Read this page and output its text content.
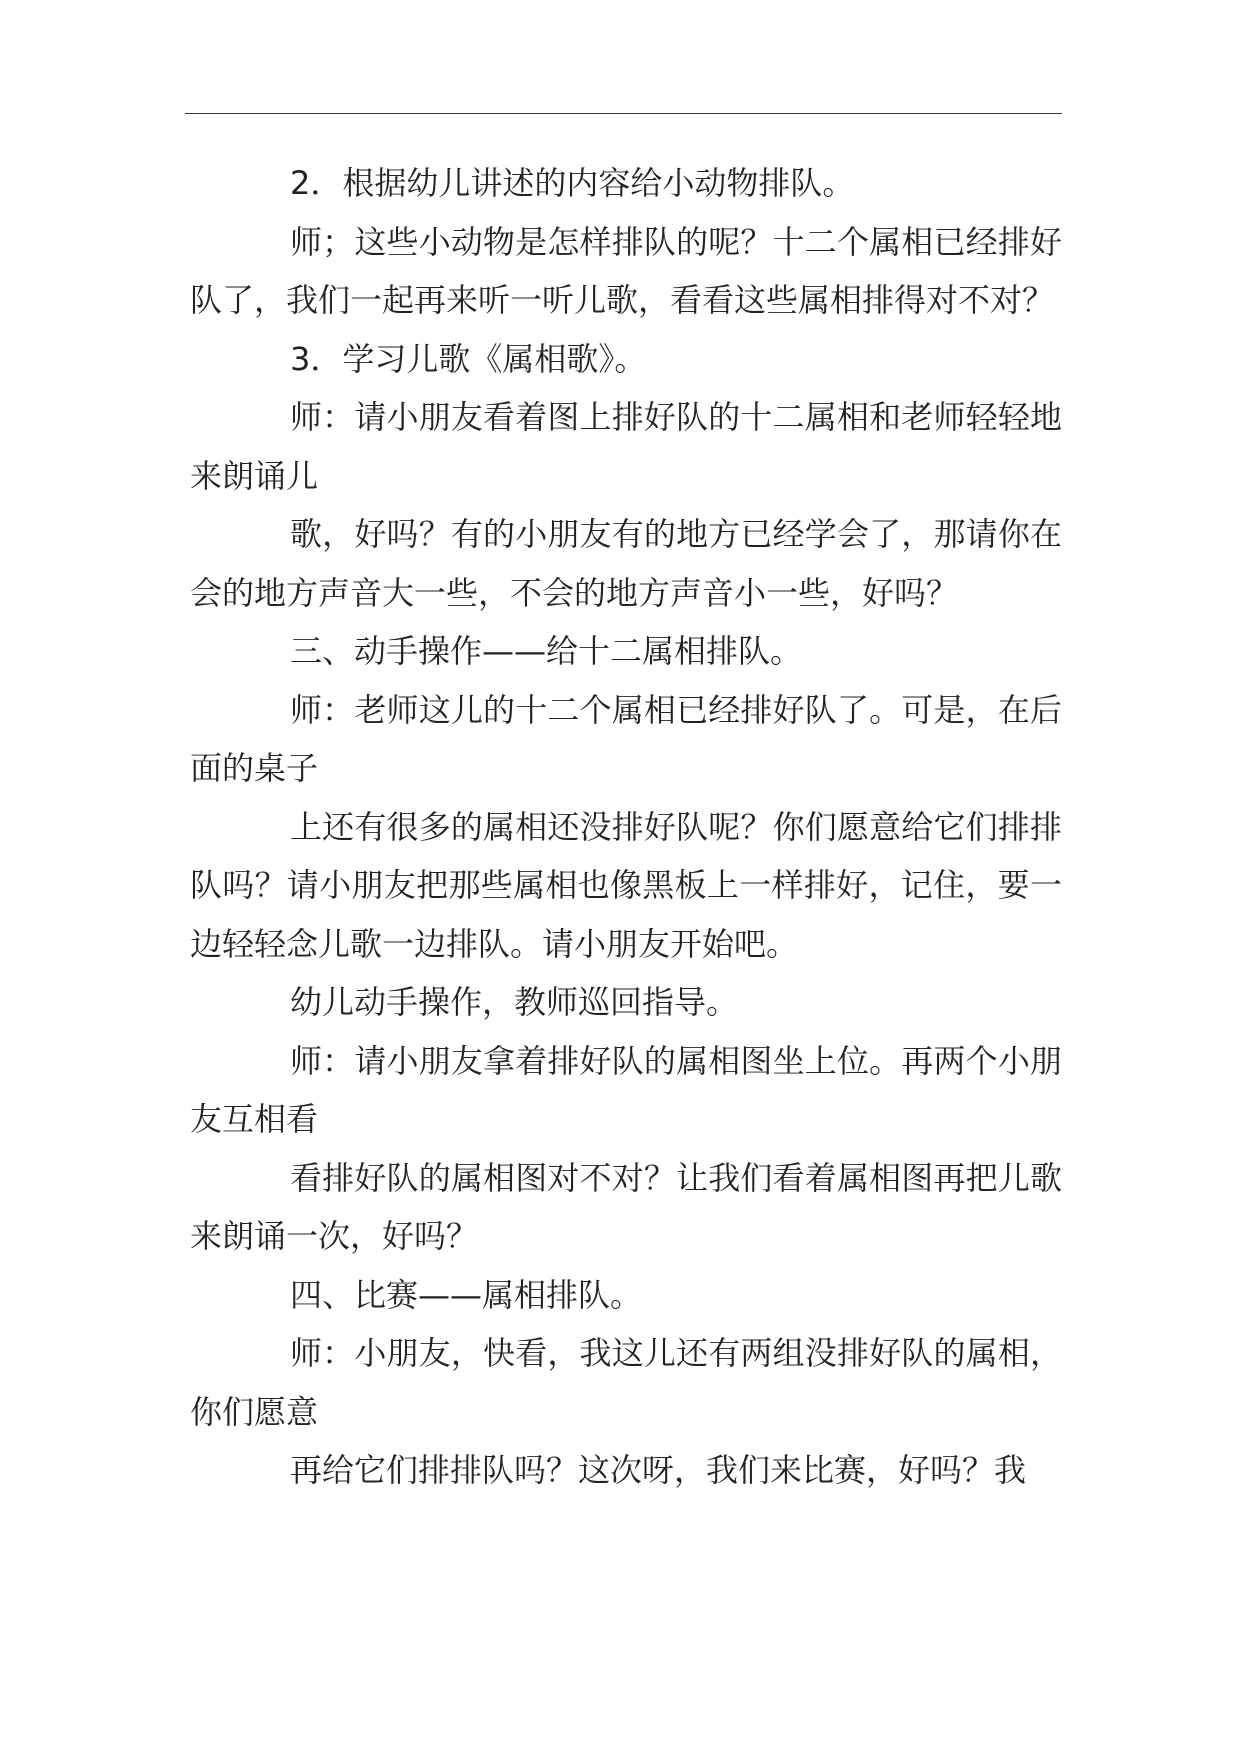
2．根据幼儿讲述的内容给小动物排队。

师；这些小动物是怎样排队的呢？十二个属相已经排好队了，我们一起再来听一听儿歌，看看这些属相排得对不对？

3．学习儿歌《属相歌》。

师：请小朋友看着图上排好队的十二属相和老师轻轻地来朗诵儿

歌，好吗？有的小朋友有的地方已经学会了，那请你在会的地方声音大一些，不会的地方声音小一些，好吗？

三、动手操作——给十二属相排队。

师：老师这儿的十二个属相已经排好队了。可是，在后面的桌子

上还有很多的属相还没排好队呢？你们愿意给它们排排队吗？请小朋友把那些属相也像黑板上一样排好，记住，要一边轻轻念儿歌一边排队。请小朋友开始吧。

幼儿动手操作，教师巡回指导。

师：请小朋友拿着排好队的属相图坐上位。再两个小朋友互相看

看排好队的属相图对不对？让我们看着属相图再把儿歌来朗诵一次，好吗？

四、比赛——属相排队。

师：小朋友，快看，我这儿还有两组没排好队的属相，你们愿意

再给它们排排队吗？这次呀，我们来比赛，好吗？我
